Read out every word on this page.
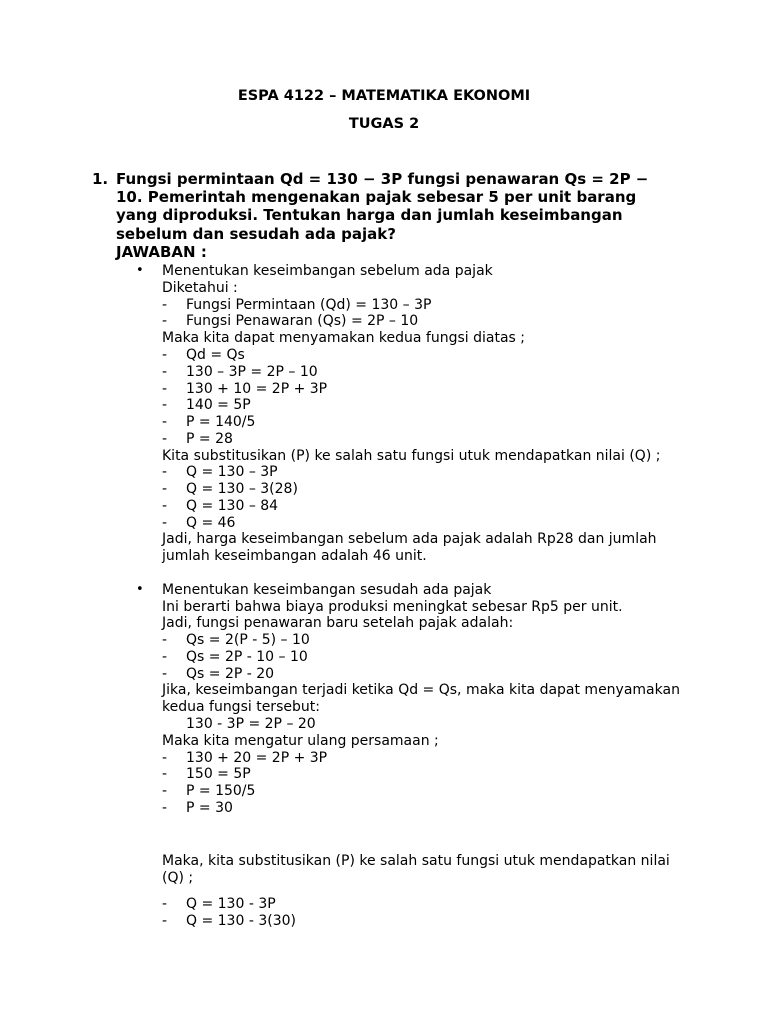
ESPA 4122 – MATEMATIKA EKONOMI
TUGAS 2
1. Fungsi permintaan Qd = 130 − 3P fungsi penawaran Qs = 2P − 10. Pemerintah mengenakan pajak sebesar 5 per unit barang yang diproduksi. Tentukan harga dan jumlah keseimbangan sebelum dan sesudah ada pajak?
JAWABAN :
• Menentukan keseimbangan sebelum ada pajak
Diketahui :
- Fungsi Permintaan (Qd) = 130 – 3P
- Fungsi Penawaran (Qs) = 2P – 10
Maka kita dapat menyamakan kedua fungsi diatas ;
- Qd = Qs
- 130 – 3P = 2P – 10
- 130 + 10 = 2P + 3P
- 140 = 5P
- P = 140/5
- P = 28
Kita substitusikan (P) ke salah satu fungsi utuk mendapatkan nilai (Q) ;
- Q = 130 – 3P
- Q = 130 – 3(28)
- Q = 130 – 84
- Q = 46
Jadi, harga keseimbangan sebelum ada pajak adalah Rp28 dan jumlah jumlah keseimbangan adalah 46 unit.
• Menentukan keseimbangan sesudah ada pajak
Ini berarti bahwa biaya produksi meningkat sebesar Rp5 per unit.
Jadi, fungsi penawaran baru setelah pajak adalah:
- Qs = 2(P - 5) – 10
- Qs = 2P - 10 – 10
- Qs = 2P - 20
Jika, keseimbangan terjadi ketika Qd = Qs, maka kita dapat menyamakan kedua fungsi tersebut:
130 - 3P = 2P – 20
Maka kita mengatur ulang persamaan ;
- 130 + 20 = 2P + 3P
- 150 = 5P
- P = 150/5
- P = 30
Maka, kita substitusikan (P) ke salah satu fungsi utuk mendapatkan nilai (Q) ;
- Q = 130 - 3P
- Q = 130 - 3(30)
